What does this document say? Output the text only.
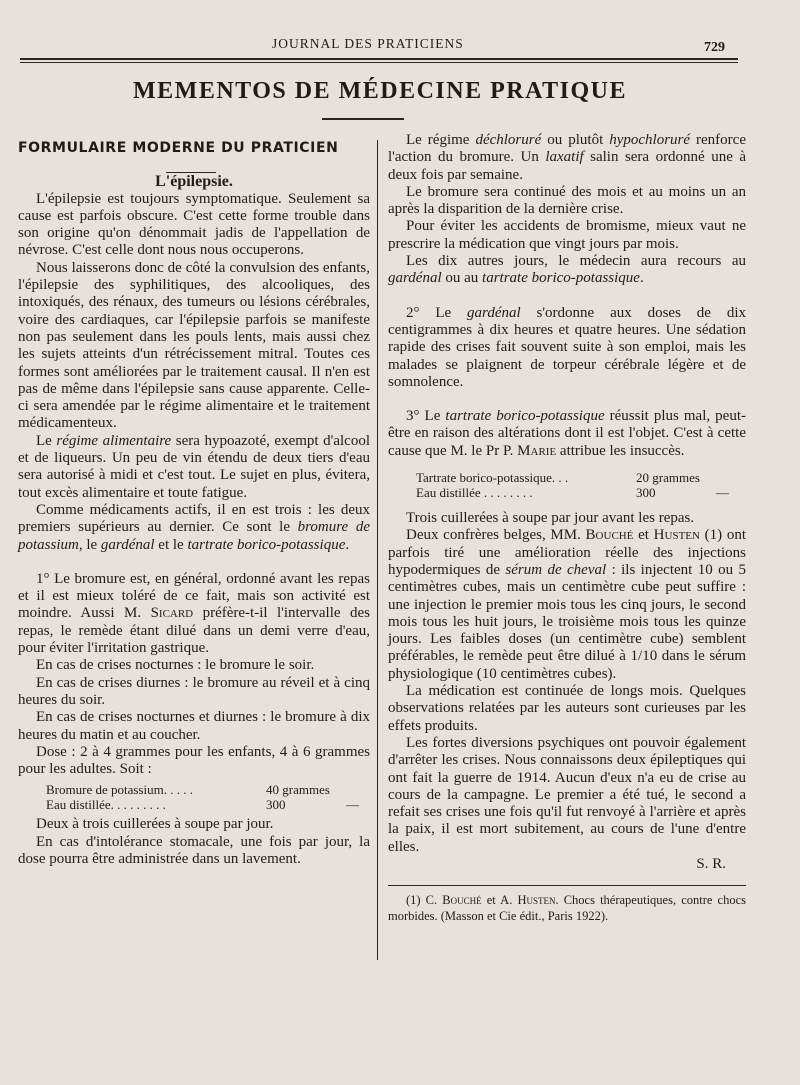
JOURNAL DES PRATICIENS	729
MEMENTOS DE MÉDECINE PRATIQUE

FORMULAIRE MODERNE DU PRATICIEN

L'épilepsie.

L'épilepsie est toujours symptomatique. Seulement sa cause est parfois obscure. C'est cette forme trouble dans son origine qu'on dénommait jadis de l'appellation de névrose. C'est celle dont nous nous occuperons.

Nous laisserons donc de côté la convulsion des enfants, l'épilepsie des syphilitiques, des alcooliques, des intoxiqués, des rénaux, des tumeurs ou lésions cérébrales, voire des cardiaques, car l'épilepsie parfois se manifeste non pas seulement dans les pouls lents, mais aussi chez les sujets atteints d'un rétrécissement mitral. Toutes ces formes sont améliorées par le traitement causal. Il n'en est pas de même dans l'épilepsie sans cause apparente. Celle-ci sera amendée par le régime alimentaire et le traitement médicamenteux.

Le régime alimentaire sera hypoazoté, exempt d'alcool et de liqueurs. Un peu de vin étendu de deux tiers d'eau sera autorisé à midi et c'est tout. Le sujet en plus, évitera, tout excès alimentaire et toute fatigue.

Comme médicaments actifs, il en est trois : les deux premiers supérieurs au dernier. Ce sont le bromure de potassium, le gardénal et le tartrate borico-potassique.

1° Le bromure est, en général, ordonné avant les repas et il est mieux toléré de ce fait, mais son activité est moindre. Aussi M. Sicard préfère-t-il l'intervalle des repas, le remède étant dilué dans un demi verre d'eau, pour éviter l'irritation gastrique.

En cas de crises nocturnes : le bromure le soir.

En cas de crises diurnes : le bromure au réveil et à cinq heures du soir.

En cas de crises nocturnes et diurnes : le bromure à dix heures du matin et au coucher.

Dose : 2 à 4 grammes pour les enfants, 4 à 6 grammes pour les adultes. Soit :

Bromure de potassium. . . . .	40 grammes
Eau distillée. . . . . . . . .	300	—

Deux à trois cuillerées à soupe par jour.

En cas d'intolérance stomacale, une fois par jour, la dose pourra être administrée dans un lavement.

Le régime déchloruré ou plutôt hypochloruré renforce l'action du bromure. Un laxatif salin sera ordonné une à deux fois par semaine.

Le bromure sera continué des mois et au moins un an après la disparition de la dernière crise.

Pour éviter les accidents de bromisme, mieux vaut ne prescrire la médication que vingt jours par mois.

Les dix autres jours, le médecin aura recours au gardénal ou au tartrate borico-potassique.

2° Le gardénal s'ordonne aux doses de dix centigrammes à dix heures et quatre heures. Une sédation rapide des crises fait souvent suite à son emploi, mais les malades se plaignent de torpeur cérébrale légère et de somnolence.

3° Le tartrate borico-potassique réussit plus mal, peut-être en raison des altérations dont il est l'objet. C'est à cette cause que M. le Pr P. Marie attribue les insuccès.

Tartrate borico-potassique. . .	20 grammes
Eau distillée . . . . . . . .	300	—

Trois cuillerées à soupe par jour avant les repas.

Deux confrères belges, MM. Bouché et Husten (1) ont parfois tiré une amélioration réelle des injections hypodermiques de sérum de cheval : ils injectent 10 ou 5 centimètres cubes, mais un centimètre cube peut suffire : une injection le premier mois tous les cinq jours, le second mois tous les huit jours, le troisième mois tous les quinze jours. Les faibles doses (un centimètre cube) semblent préférables, le remède peut être dilué à 1/10 dans le sérum physiologique (10 centimètres cubes).

La médication est continuée de longs mois. Quelques observations relatées par les auteurs sont curieuses par les effets produits.

Les fortes diversions psychiques ont pouvoir également d'arrêter les crises. Nous connaissons deux épileptiques qui ont fait la guerre de 1914. Aucun d'eux n'a eu de crise au cours de la campagne. Le premier a été tué, le second a refait ses crises une fois qu'il fut renvoyé à l'arrière et après la paix, il est mort subitement, au cours de l'une d'entre elles.

S. R.

(1) C. Bouché et A. Husten. Chocs thérapeutiques, contre chocs morbides. (Masson et Cie édit., Paris 1922).
